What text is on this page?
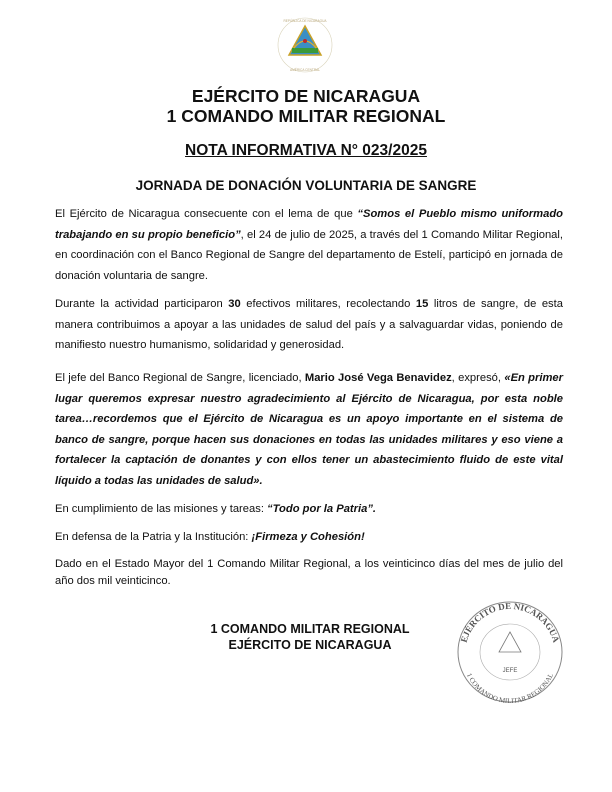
REPÚBLICA DE NICARAGUA
AMÉRICA CENTRAL
EJÉRCITO DE NICARAGUA
1 COMANDO MILITAR REGIONAL
NOTA INFORMATIVA N° 023/2025
JORNADA DE DONACIÓN VOLUNTARIA DE SANGRE
El Ejército de Nicaragua consecuente con el lema de que “Somos el Pueblo mismo uniformado trabajando en su propio beneficio”, el 24 de julio de 2025, a través del 1 Comando Militar Regional, en coordinación con el Banco Regional de Sangre del departamento de Estelí, participó en jornada de donación voluntaria de sangre.
Durante la actividad participaron 30 efectivos militares, recolectando 15 litros de sangre, de esta manera contribuimos a apoyar a las unidades de salud del país y a salvaguardar vidas, poniendo de manifiesto nuestro humanismo, solidaridad y generosidad.
El jefe del Banco Regional de Sangre, licenciado, Mario José Vega Benavidez, expresó, «En primer lugar queremos expresar nuestro agradecimiento al Ejército de Nicaragua, por esta noble tarea…recordemos que el Ejército de Nicaragua es un apoyo importante en el sistema de banco de sangre, porque hacen sus donaciones en todas las unidades militares y eso viene a fortalecer la captación de donantes y con ellos tener un abastecimiento fluido de este vital líquido a todas las unidades de salud».
En cumplimiento de las misiones y tareas: “Todo por la Patria”.
En defensa de la Patria y la Institución: ¡Firmeza y Cohesión!
Dado en el Estado Mayor del 1 Comando Militar Regional, a los veinticinco días del mes de julio del año dos mil veinticinco.
1 COMANDO MILITAR REGIONAL
EJÉRCITO DE NICARAGUA	EJÉRCITO DE NICARAGUA
1 COMANDO MILITAR REGIONAL
JEFE
